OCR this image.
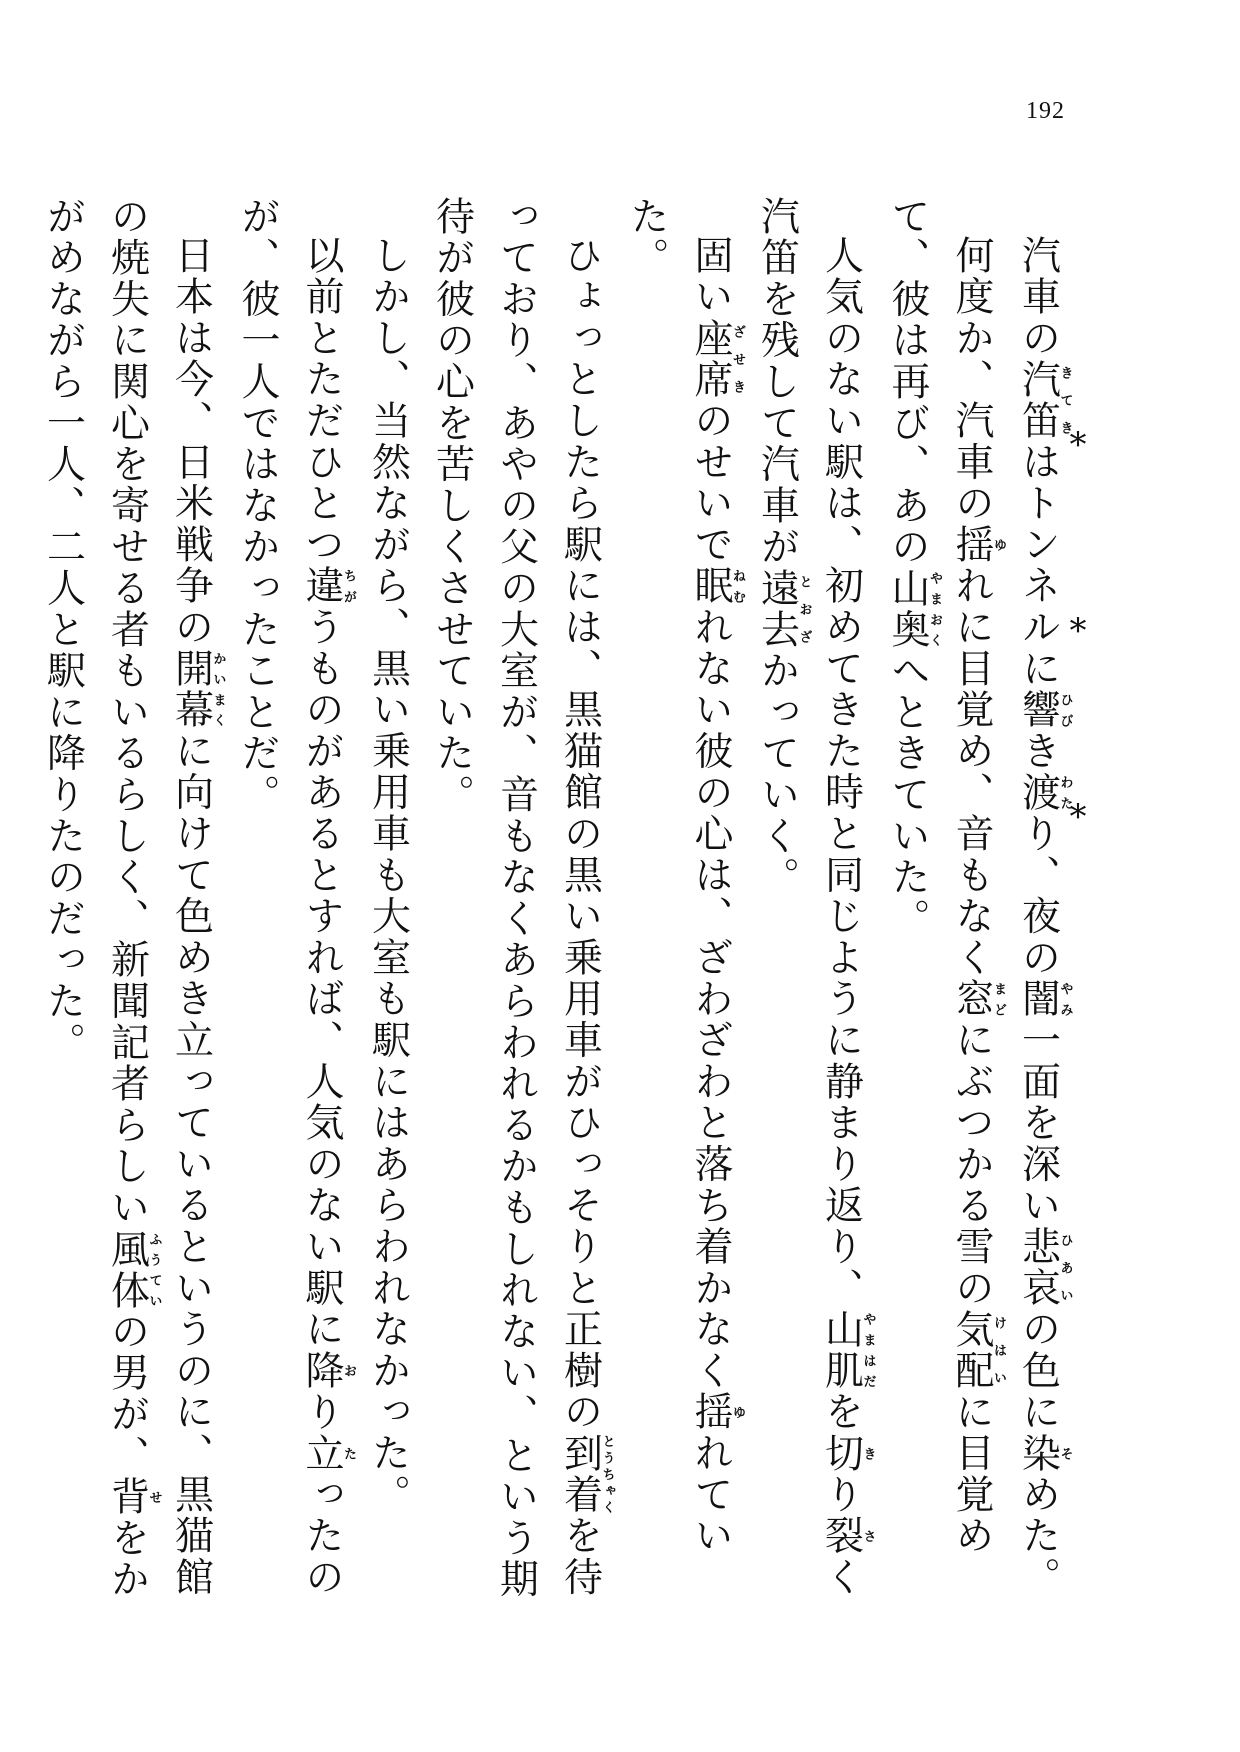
192
*
*
*

汽車の汽笛きてきはトンネルに響ひびき渡わたり、夜の闇やみ一面を深い悲哀ひあいの色に染そめた。

何度か、汽車の揺ゆれに目覚め、音もなく窓まどにぶつかる雪の気配けはいに目覚めて、彼は再び、あの山奥やまおくへときていた。

人気のない駅は、初めてきた時と同じように静まり返り、山肌やまはだを切きり裂さく汽笛を残して汽車が遠去とおざかっていく。

固い座席ざせきのせいで眠ねむれない彼の心は、ざわざわと落ち着かなく揺ゆれていた。

ひょっとしたら駅には、黒猫館の黒い乗用車がひっそりと正樹の到着とうちゃくを待っており、あやの父の大室が、音もなくあらわれるかもしれない、という期待が彼の心を苦しくさせていた。

しかし、当然ながら、黒い乗用車も大室も駅にはあらわれなかった。

以前とただひとつ違ちがうものがあるとすれば、人気のない駅に降おり立たったのが、彼一人ではなかったことだ。

日本は今、日米戦争の開幕かいまくに向けて色めき立っているというのに、黒猫館の焼失に関心を寄せる者もいるらしく、新聞記者らしい風体ふうていの男が、背せをかがめながら一人、二人と駅に降りたのだった。
